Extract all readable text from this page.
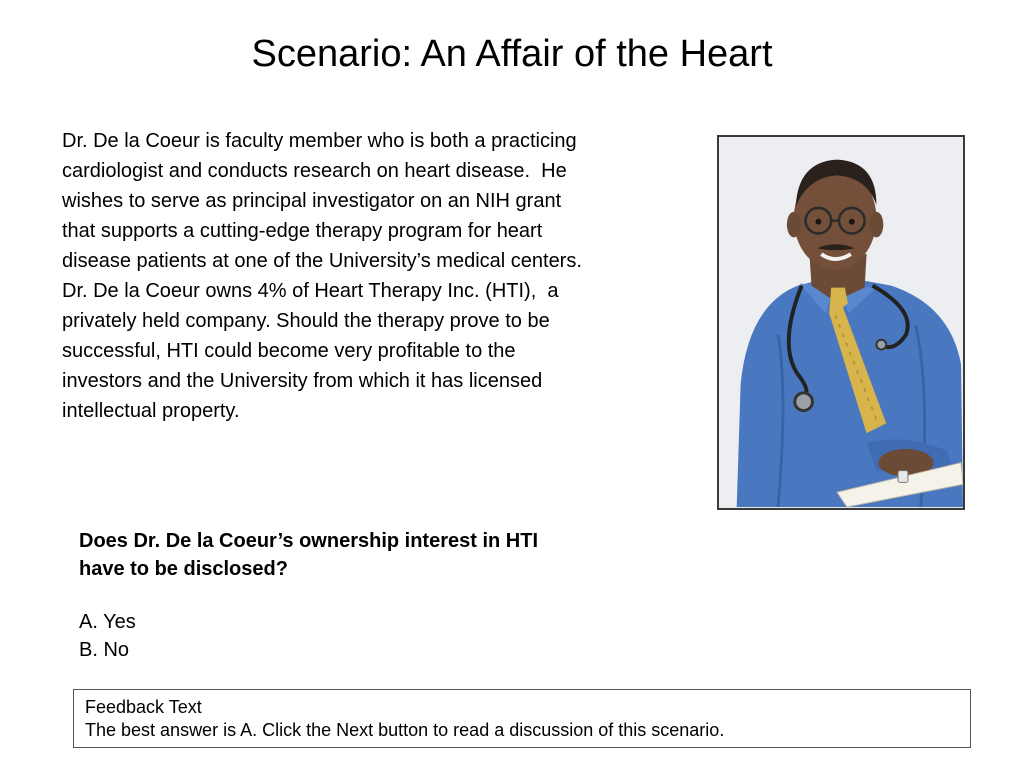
Scenario: An Affair of the Heart

Dr. De la Coeur is faculty member who is both a practicing
cardiologist and conducts research on heart disease.  He
wishes to serve as principal investigator on an NIH grant
that supports a cutting-edge therapy program for heart
disease patients at one of the University’s medical centers.
Dr. De la Coeur owns 4% of Heart Therapy Inc. (HTI),  a
privately held company. Should the therapy prove to be
successful, HTI could become very profitable to the
investors and the University from which it has licensed
intellectual property.

Does Dr. De la Coeur’s ownership interest in HTI
have to be disclosed?
A. Yes
B. No
Feedback Text
The best answer is A. Click the Next button to read a discussion of this scenario.
